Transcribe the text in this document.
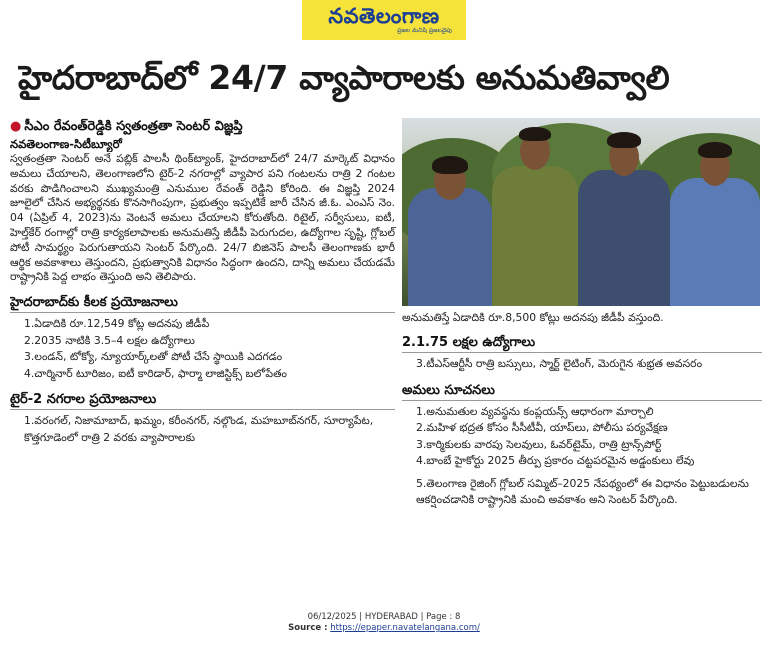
నవతెలంగాణ
ప్రజల మనిషి ప్రజలవైపు
హైదరాబాద్‌లో 24/7 వ్యాపారాలకు అనుమతివ్వాలి
● సీఎం రేవంత్‌రెడ్డికి స్వతంత్రతా సెంటర్ విజ్ఞప్తి
నవతెలంగాణ-సిటీబ్యూరో
స్వతంత్రతా సెంటర్ అనే పబ్లిక్ పాలసీ థింక్‌ట్యాంక్, హైదరాబాద్‌లో 24/7 మార్కెట్ విధానం అమలు చేయాలని, తెలంగాణలోని టైర్-2 నగరాల్లో వ్యాపార పని గంటలను రాత్రి 2 గంటల వరకు పొడిగించాలని ముఖ్యమంత్రి ఎనుముల రేవంత్ రెడ్డిని కోరింది. ఈ విజ్ఞప్తి 2024 జూలైలో చేసిన అభ్యర్థనకు కొనసాగింపుగా, ప్రభుత్వం ఇప్పటికే జారీ చేసిన జీ.ఓ. ఎంఎస్ నెం. 04 (ఏప్రిల్ 4, 2023)ను వెంటనే అమలు చేయాలని కోరుతోంది. రిటైల్, సర్వీసులు, ఐటీ, హెల్త్‌కేర్ రంగాల్లో రాత్రి కార్యకలాపాలకు అనుమతిస్తే జీడీపీ పెరుగుదల, ఉద్యోగాల సృష్టి, గ్లోబల్ పోటీ సామర్థ్యం పెరుగుతాయని సెంటర్ పేర్కొంది. 24/7 బిజినెస్ పాలసీ తెలంగాణకు భారీ ఆర్థిక అవకాశాలు తెస్తుందని, ప్రభుత్వానికి విధానం సిద్ధంగా ఉందని, దాన్ని అమలు చేయడమే రాష్ట్రానికి పెద్ద లాభం తెస్తుంది అని తెలిపారు.
హైదరాబాద్‌కు కీలక ప్రయోజనాలు
1.ఏడాదికి రూ.12,549 కోట్ల అదనపు జీడీపీ
2.2035 నాటికి 3.5–4 లక్షల ఉద్యోగాలు
3.లండన్, టోక్యో, న్యూయార్క్‌లతో పోటీ చేసే స్థాయికి ఎదగడం
4.చార్మినార్ టూరిజం, ఐటీ కారిడార్, ఫార్మా లాజిస్టిక్స్ బలోపేతం
టైర్-2 నగరాల ప్రయోజనాలు
1.వరంగల్, నిజామాబాద్, ఖమ్మం, కరీంనగర్, నల్గొండ, మహబూబ్‌నగర్, సూర్యాపేట, కొత్తగూడెంలో రాత్రి 2 వరకు వ్యాపారాలకు
అనుమతిస్తే ఏడాదికి రూ.8,500 కోట్లు అదనపు జీడీపీ వస్తుంది.
2.1.75 లక్షల ఉద్యోగాలు
3.టీఎస్ఆర్టీసీ రాత్రి బస్సులు, స్మార్ట్ లైటింగ్, మెరుగైన శుభ్రత అవసరం
అమలు సూచనలు
1.అనుమతుల వ్యవస్థను కంప్లయన్స్ ఆధారంగా మార్చాలి
2.మహిళ భద్రత కోసం సీసీటీవీ, యాప్‌లు, పోలీసు పర్యవేక్షణ
3.కార్మికులకు వారపు సెలవులు, ఓవర్‌టైమ్, రాత్రి ట్రాన్స్‌పోర్ట్
4.బాంబే హైకోర్టు 2025 తీర్పు ప్రకారం చట్టపరమైన అడ్డంకులు లేవు
5.తెలంగాణ రైజింగ్ గ్లోబల్ సమ్మిట్–2025 నేపథ్యంలో ఈ విధానం పెట్టుబడులను ఆకర్షించడానికి రాష్ట్రానికి మంచి అవకాశం అని సెంటర్ పేర్కొంది.
06/12/2025 | HYDERABAD | Page : 8
Source : https://epaper.navatelangana.com/
